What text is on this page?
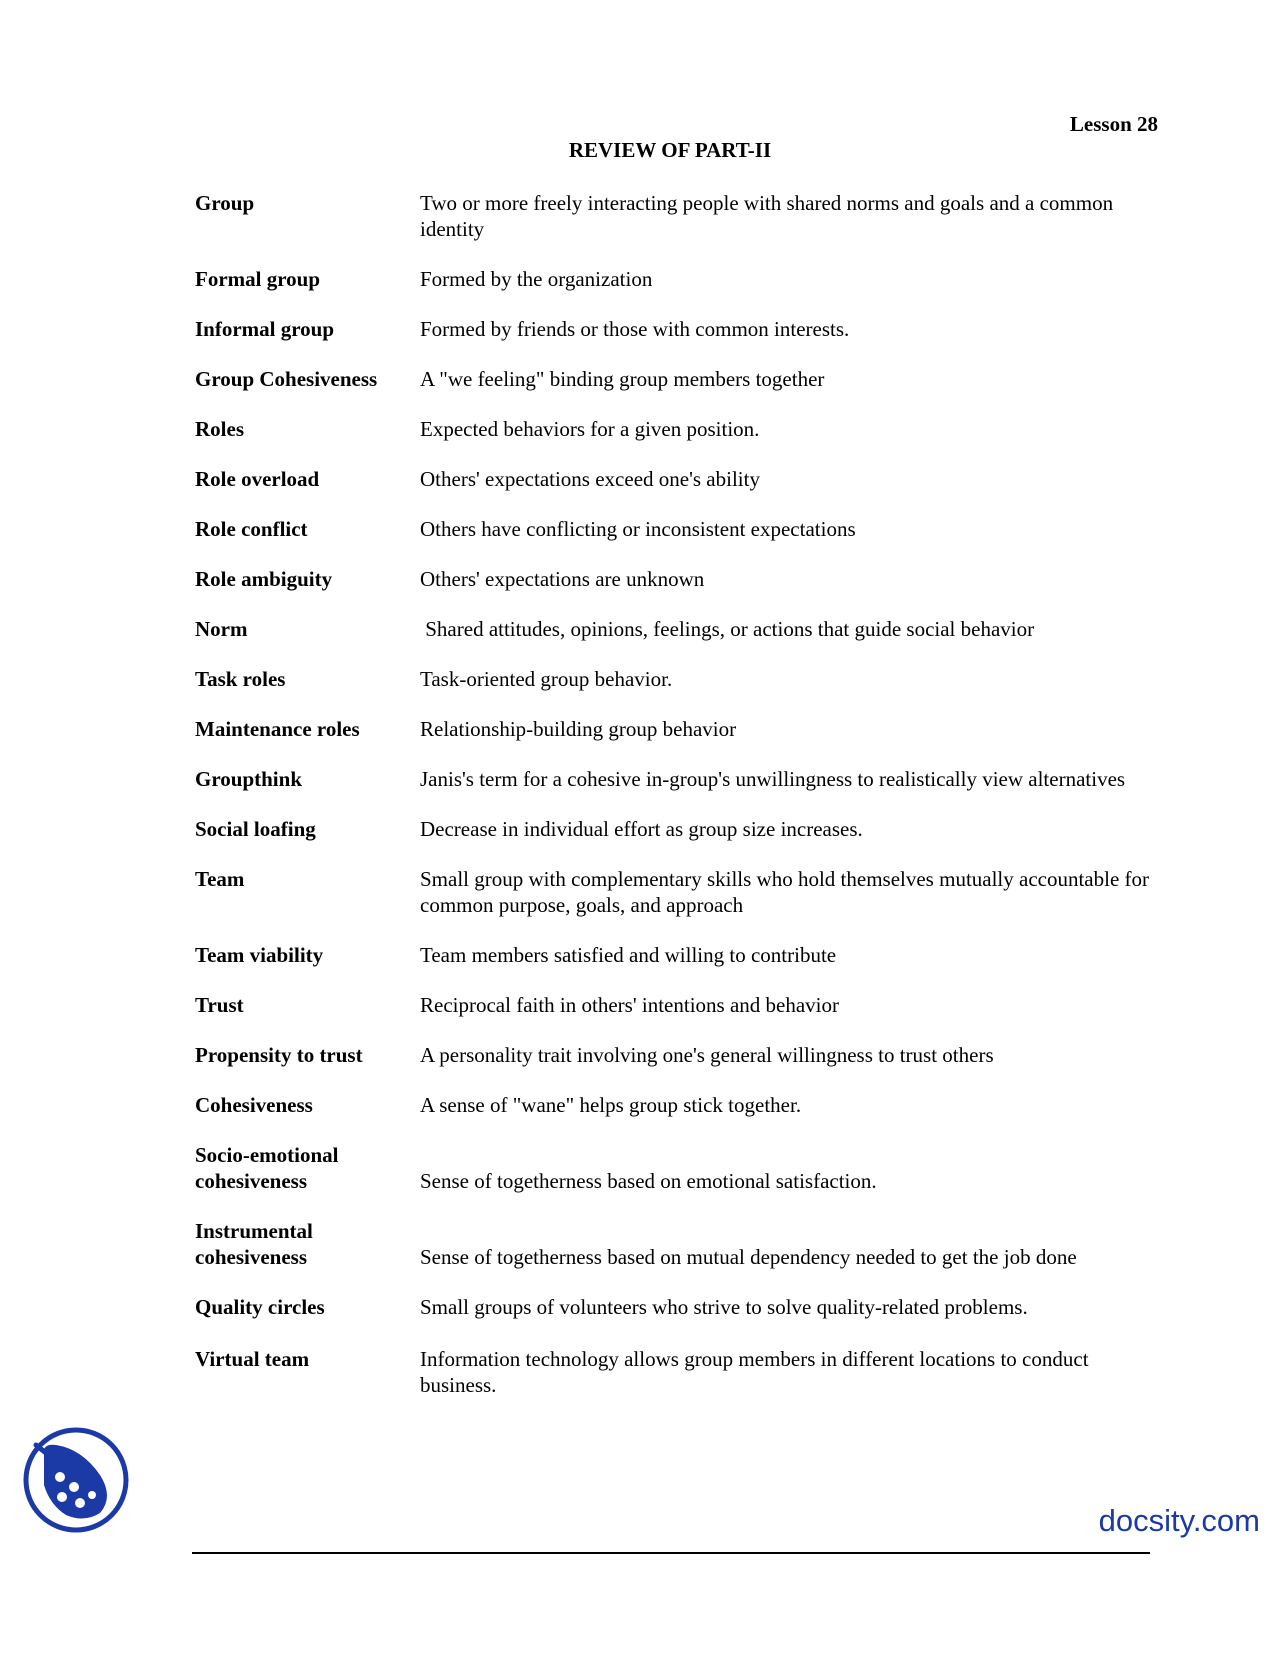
Lesson 28
REVIEW OF PART-II
Group	Two or more freely interacting people with shared norms and goals and a common identity
Formal group	Formed by the organization
Informal group	Formed by friends or those with common interests.
Group Cohesiveness	A "we feeling" binding group members together
Roles	Expected behaviors for a given position.
Role overload	Others' expectations exceed one's ability
Role conflict	Others have conflicting or inconsistent expectations
Role ambiguity	Others' expectations are unknown
Norm	Shared attitudes, opinions, feelings, or actions that guide social behavior
Task roles	Task-oriented group behavior.
Maintenance roles	Relationship-building group behavior
Groupthink	Janis's term for a cohesive in-group's unwillingness to realistically view alternatives
Social loafing	Decrease in individual effort as group size increases.
Team	Small group with complementary skills who hold themselves mutually accountable for common purpose, goals, and approach
Team viability	Team members satisfied and willing to contribute
Trust	Reciprocal faith in others' intentions and behavior
Propensity to trust	A personality trait involving one's general willingness to trust others
Cohesiveness	A sense of "wane" helps group stick together.
Socio-emotional cohesiveness	Sense of togetherness based on emotional satisfaction.
Instrumental cohesiveness	Sense of togetherness based on mutual dependency needed to get the job done
Quality circles	Small groups of volunteers who strive to solve quality-related problems.
Virtual team	Information technology allows group members in different locations to conduct business.
docsity.com
